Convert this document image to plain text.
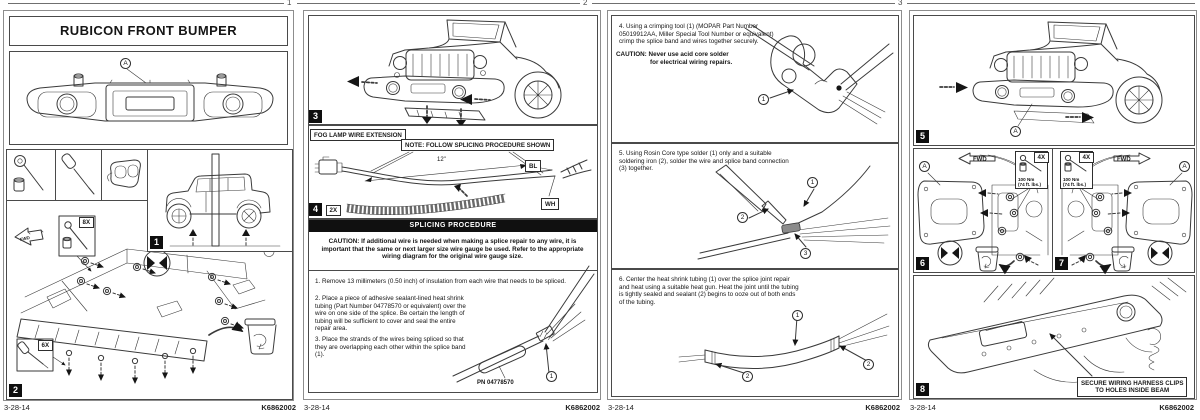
1	2	3
RUBICON FRONT BUMPER
A
1
2
8X
6X
FWD
3
FOG LAMP WIRE EXTENSION
NOTE: FOLLOW SPLICING PROCEDURE SHOWN
12"
4	2X
BL
WH
SPLICING PROCEDURE
CAUTION: If additional wire is needed when making a splice repair to any wire, it is important that the same or next larger size wire gauge be used. Refer to the appropriate wiring diagram for the original wire gauge size.
1. Remove 13 millimeters (0.50 inch) of insulation from each wire that needs to be spliced.
2. Place a piece of adhesive sealant-lined heat shrink tubing (Part Number 04778570 or equivalent) over the wire on one side of the splice. Be certain the length of tubing will be sufficient to cover and seal the entire repair area.
3. Place the strands of the wires being spliced so that they are overlapping each other within the splice band (1).
PN 04778570
1
4. Using a crimping tool (1) (MOPAR Part Number 05019912AA, Miller Special Tool Number or equivalent) crimp the splice band and wires together securely.
CAUTION: Never use acid core solder
for electrical wiring repairs.
1
5. Using Rosin Core type solder (1) only and a suitable soldering iron (2), solder the wire and splice band connection (3) together.
1
2
3
6. Center the heat shrink tubing (1) over the splice joint repair and heat using a suitable heat gun. Heat the joint until the tubing is tightly sealed and sealant (2) begins to ooze out of both ends of the tubing.
1
2
2
5	A
6
A
FWD	4X
100 Nm
(74 ft. lbs.)
7
A
FWD
4X
100 Nm
(74 ft. lbs.)
8
SECURE WIRING HARNESS CLIPS
TO HOLES INSIDE BEAM
3-28-14	K6862002 3-28-14	K6862002 3-28-14	K6862002 3-28-14	K6862002
